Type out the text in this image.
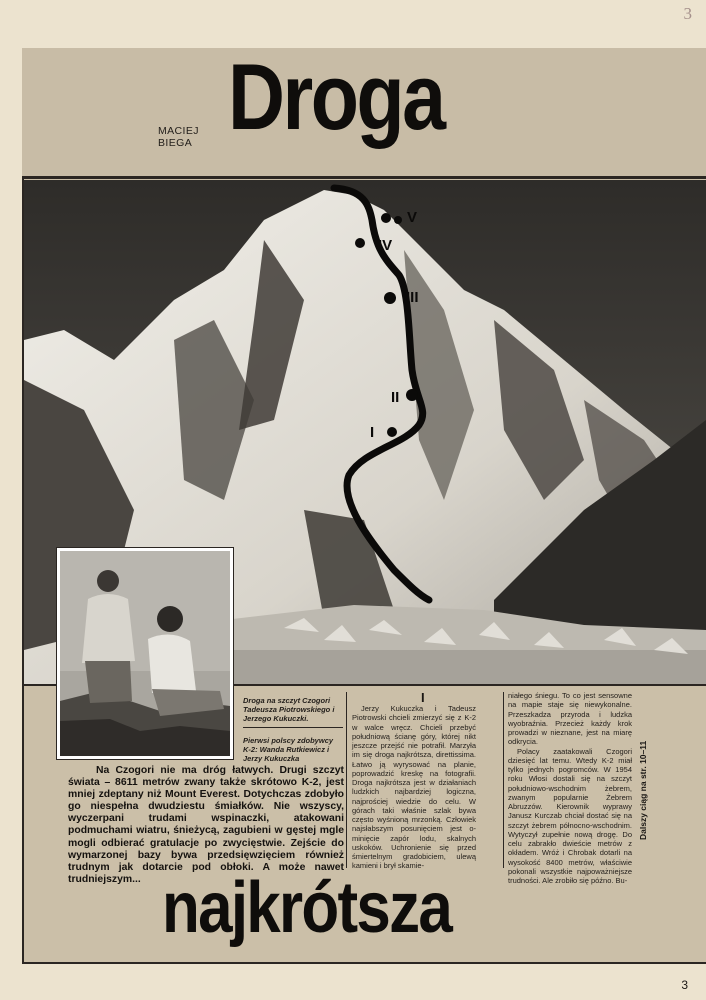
3
MACIEJ
BIEGA Droga
V
IV
III
II
I
Droga na szczyt Czogori Tadeusza Piotrowskiego i Jerzego Kukuczki.
Pierwsi polscy zdobywcy K-2: Wanda Rutkiewicz i Jerzy Kukuczka
Na Czogori nie ma dróg łatwych. Drugi szczyt świata – 8611 metrów zwany także skrótowo K-2, jest mniej zdeptany niż Mount Everest. Dotychczas zdobyło go niespełna dwudziestu śmiałków. Nie wszyscy, wyczerpani trudami wspinaczki, atakowani podmuchami wiatru, śnieżycą, zagubieni w gęstej mgle mogli odbierać gratulacje po zwycięstwie. Zejście do wymarzonej bazy bywa przedsięwzięciem również trudnym jak dotarcie pod obłoki. A może nawet trudniejszym...
I

Jerzy Kukuczka i Tadeusz Piotrowski chcieli zmierzyć się z K-2 w walce wręcz. Chcieli przebyć południową ścianę góry, której nikt jeszcze przejść nie potrafił. Marzyła im się droga najkrótsza, direttissima. Łatwo ją wyrysować na planie, poprowadzić kreskę na fotografii. Droga najkrótsza jest w działaniach ludzkich najbardziej logiczna, najprościej wiedzie do celu. W górach taki właśnie szlak bywa często wyśnioną mrzonką. Człowiek najsłabszym posunięciem jest o-minięcie zapór lodu, skalnych uskoków. Uchronienie się przed śmiertelnym gradobiciem, ulewą kamieni i brył skamie-

niałego śniegu. To co jest sensowne na mapie staje się niewykonalne. Przeszkadza przyroda i ludzka wyobraźnia. Przecież każdy krok prowadzi w nieznane, jest na miarę odkrycia.

Polacy zaatakowali Czogori dziesięć lat temu. Wtedy K-2 miał tylko jednych pogromców. W 1954 roku Włosi dostali się na szczyt południowo-wschodnim żebrem, zwanym popularnie Żebrem Abruzzów. Kierownik wyprawy Janusz Kurczab chciał dostać się na szczyt żebrem północno-wschodnim. Wytyczył zupełnie nową drogę. Do celu zabrakło dwieście metrów z okładem. Wróż i Chrobak dotarli na wysokość 8400 metrów, właściwie pokonali wszystkie najpoważniejsze trudności. Ale zrobiło się późno. Bu-

Dalszy ciąg na str. 10–11
najkrótsza
3
